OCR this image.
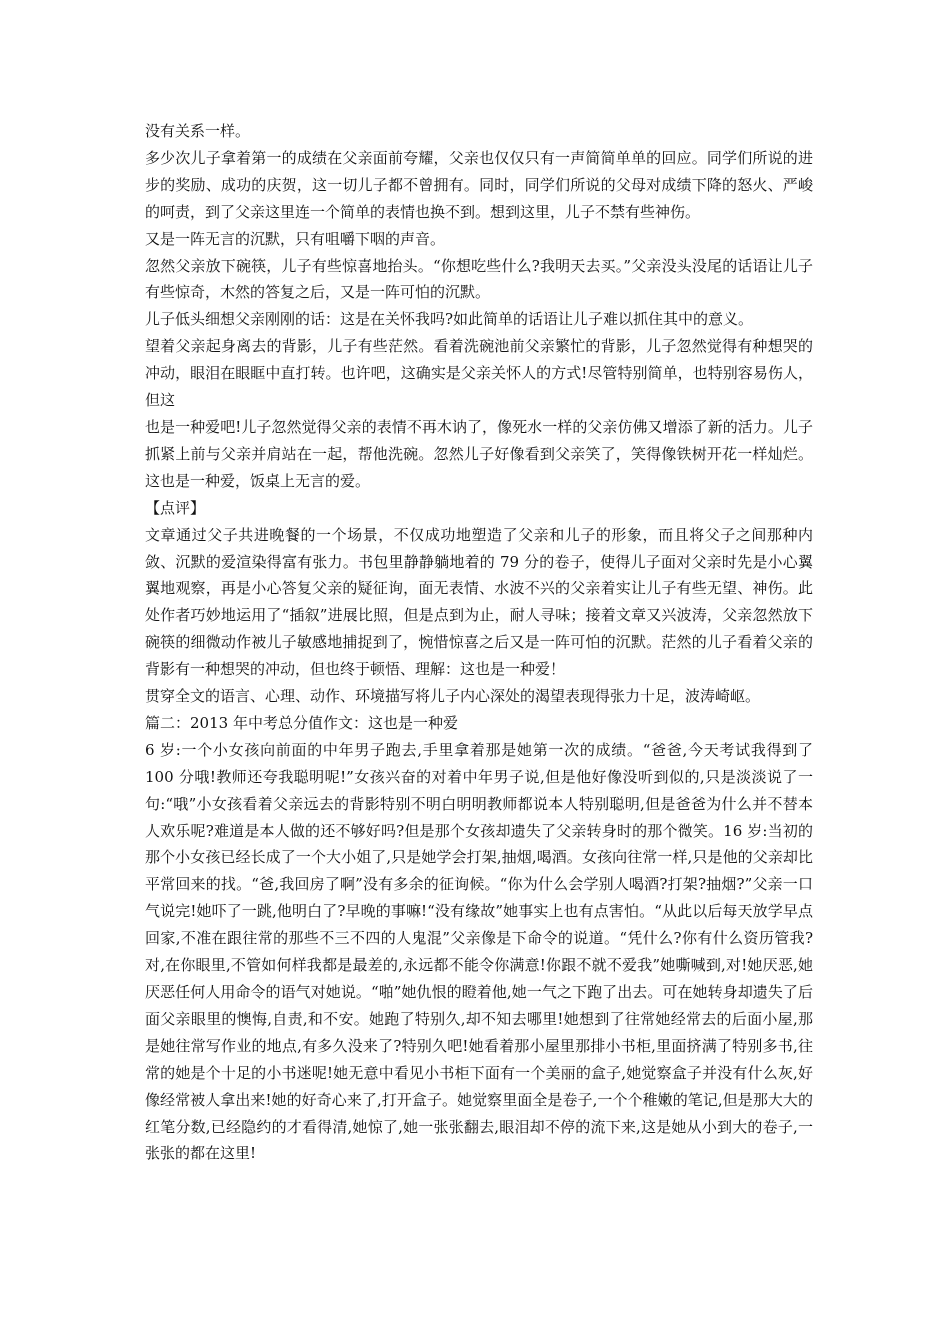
没有关系一样。

多少次儿子拿着第一的成绩在父亲面前夸耀，父亲也仅仅只有一声简简单单的回应。同学们所说的进步的奖励、成功的庆贺，这一切儿子都不曾拥有。同时，同学们所说的父母对成绩下降的怒火、严峻的呵责，到了父亲这里连一个简单的表情也换不到。想到这里，儿子不禁有些神伤。

又是一阵无言的沉默，只有咀嚼下咽的声音。

忽然父亲放下碗筷，儿子有些惊喜地抬头。“你想吃些什么?我明天去买。”父亲没头没尾的话语让儿子有些惊奇，木然的答复之后，又是一阵可怕的沉默。

儿子低头细想父亲刚刚的话：这是在关怀我吗?如此简单的话语让儿子难以抓住其中的意义。

望着父亲起身离去的背影，儿子有些茫然。看着洗碗池前父亲繁忙的背影，儿子忽然觉得有种想哭的冲动，眼泪在眼眶中直打转。也许吧，这确实是父亲关怀人的方式!尽管特别简单，也特别容易伤人，但这

也是一种爱吧!儿子忽然觉得父亲的表情不再木讷了，像死水一样的父亲仿佛又增添了新的活力。儿子抓紧上前与父亲并肩站在一起，帮他洗碗。忽然儿子好像看到父亲笑了，笑得像铁树开花一样灿烂。这也是一种爱，饭桌上无言的爱。

【点评】

文章通过父子共进晚餐的一个场景，不仅成功地塑造了父亲和儿子的形象，而且将父子之间那种内敛、沉默的爱渲染得富有张力。书包里静静躺地着的 79 分的卷子，使得儿子面对父亲时先是小心翼翼地观察，再是小心答复父亲的疑征询，面无表情、水波不兴的父亲着实让儿子有些无望、神伤。此处作者巧妙地运用了“插叙”进展比照，但是点到为止，耐人寻味；接着文章又兴波涛，父亲忽然放下碗筷的细微动作被儿子敏感地捕捉到了，惋惜惊喜之后又是一阵可怕的沉默。茫然的儿子看着父亲的背影有一种想哭的冲动，但也终于顿悟、理解：这也是一种爱！

贯穿全文的语言、心理、动作、环境描写将儿子内心深处的渴望表现得张力十足，波涛崎岖。

篇二：2013 年中考总分值作文：这也是一种爱

6 岁:一个小女孩向前面的中年男子跑去,手里拿着那是她第一次的成绩。“爸爸,今天考试我得到了 100 分哦!教师还夸我聪明呢!”女孩兴奋的对着中年男子说,但是他好像没听到似的,只是淡淡说了一句:“哦”小女孩看着父亲远去的背影特别不明白明明教师都说本人特别聪明,但是爸爸为什么并不替本人欢乐呢?难道是本人做的还不够好吗?但是那个女孩却遗失了父亲转身时的那个微笑。16 岁:当初的那个小女孩已经长成了一个大小姐了,只是她学会打架,抽烟,喝酒。女孩向往常一样,只是他的父亲却比平常回来的找。“爸,我回房了啊”没有多余的征询候。“你为什么会学别人喝酒?打架?抽烟?”父亲一口气说完!她吓了一跳,他明白了?早晚的事嘛!“没有缘故”她事实上也有点害怕。“从此以后每天放学早点回家,不准在跟往常的那些不三不四的人鬼混”父亲像是下命令的说道。“凭什么?你有什么资历管我?对,在你眼里,不管如何样我都是最差的,永远都不能令你满意!你跟不就不爱我”她嘶喊到,对!她厌恶,她厌恶任何人用命令的语气对她说。“啪”她仇恨的瞪着他,她一气之下跑了出去。可在她转身却遗失了后面父亲眼里的懊悔,自责,和不安。她跑了特别久,却不知去哪里!她想到了往常她经常去的后面小屋,那是她往常写作业的地点,有多久没来了?特别久吧!她看着那小屋里那排小书柜,里面挤满了特别多书,往常的她是个十足的小书迷呢!她无意中看见小书柜下面有一个美丽的盒子,她觉察盒子并没有什么灰,好像经常被人拿出来!她的好奇心来了,打开盒子。她觉察里面全是卷子,一个个稚嫩的笔记,但是那大大的红笔分数,已经隐约的才看得清,她惊了,她一张张翻去,眼泪却不停的流下来,这是她从小到大的卷子,一张张的都在这里!
